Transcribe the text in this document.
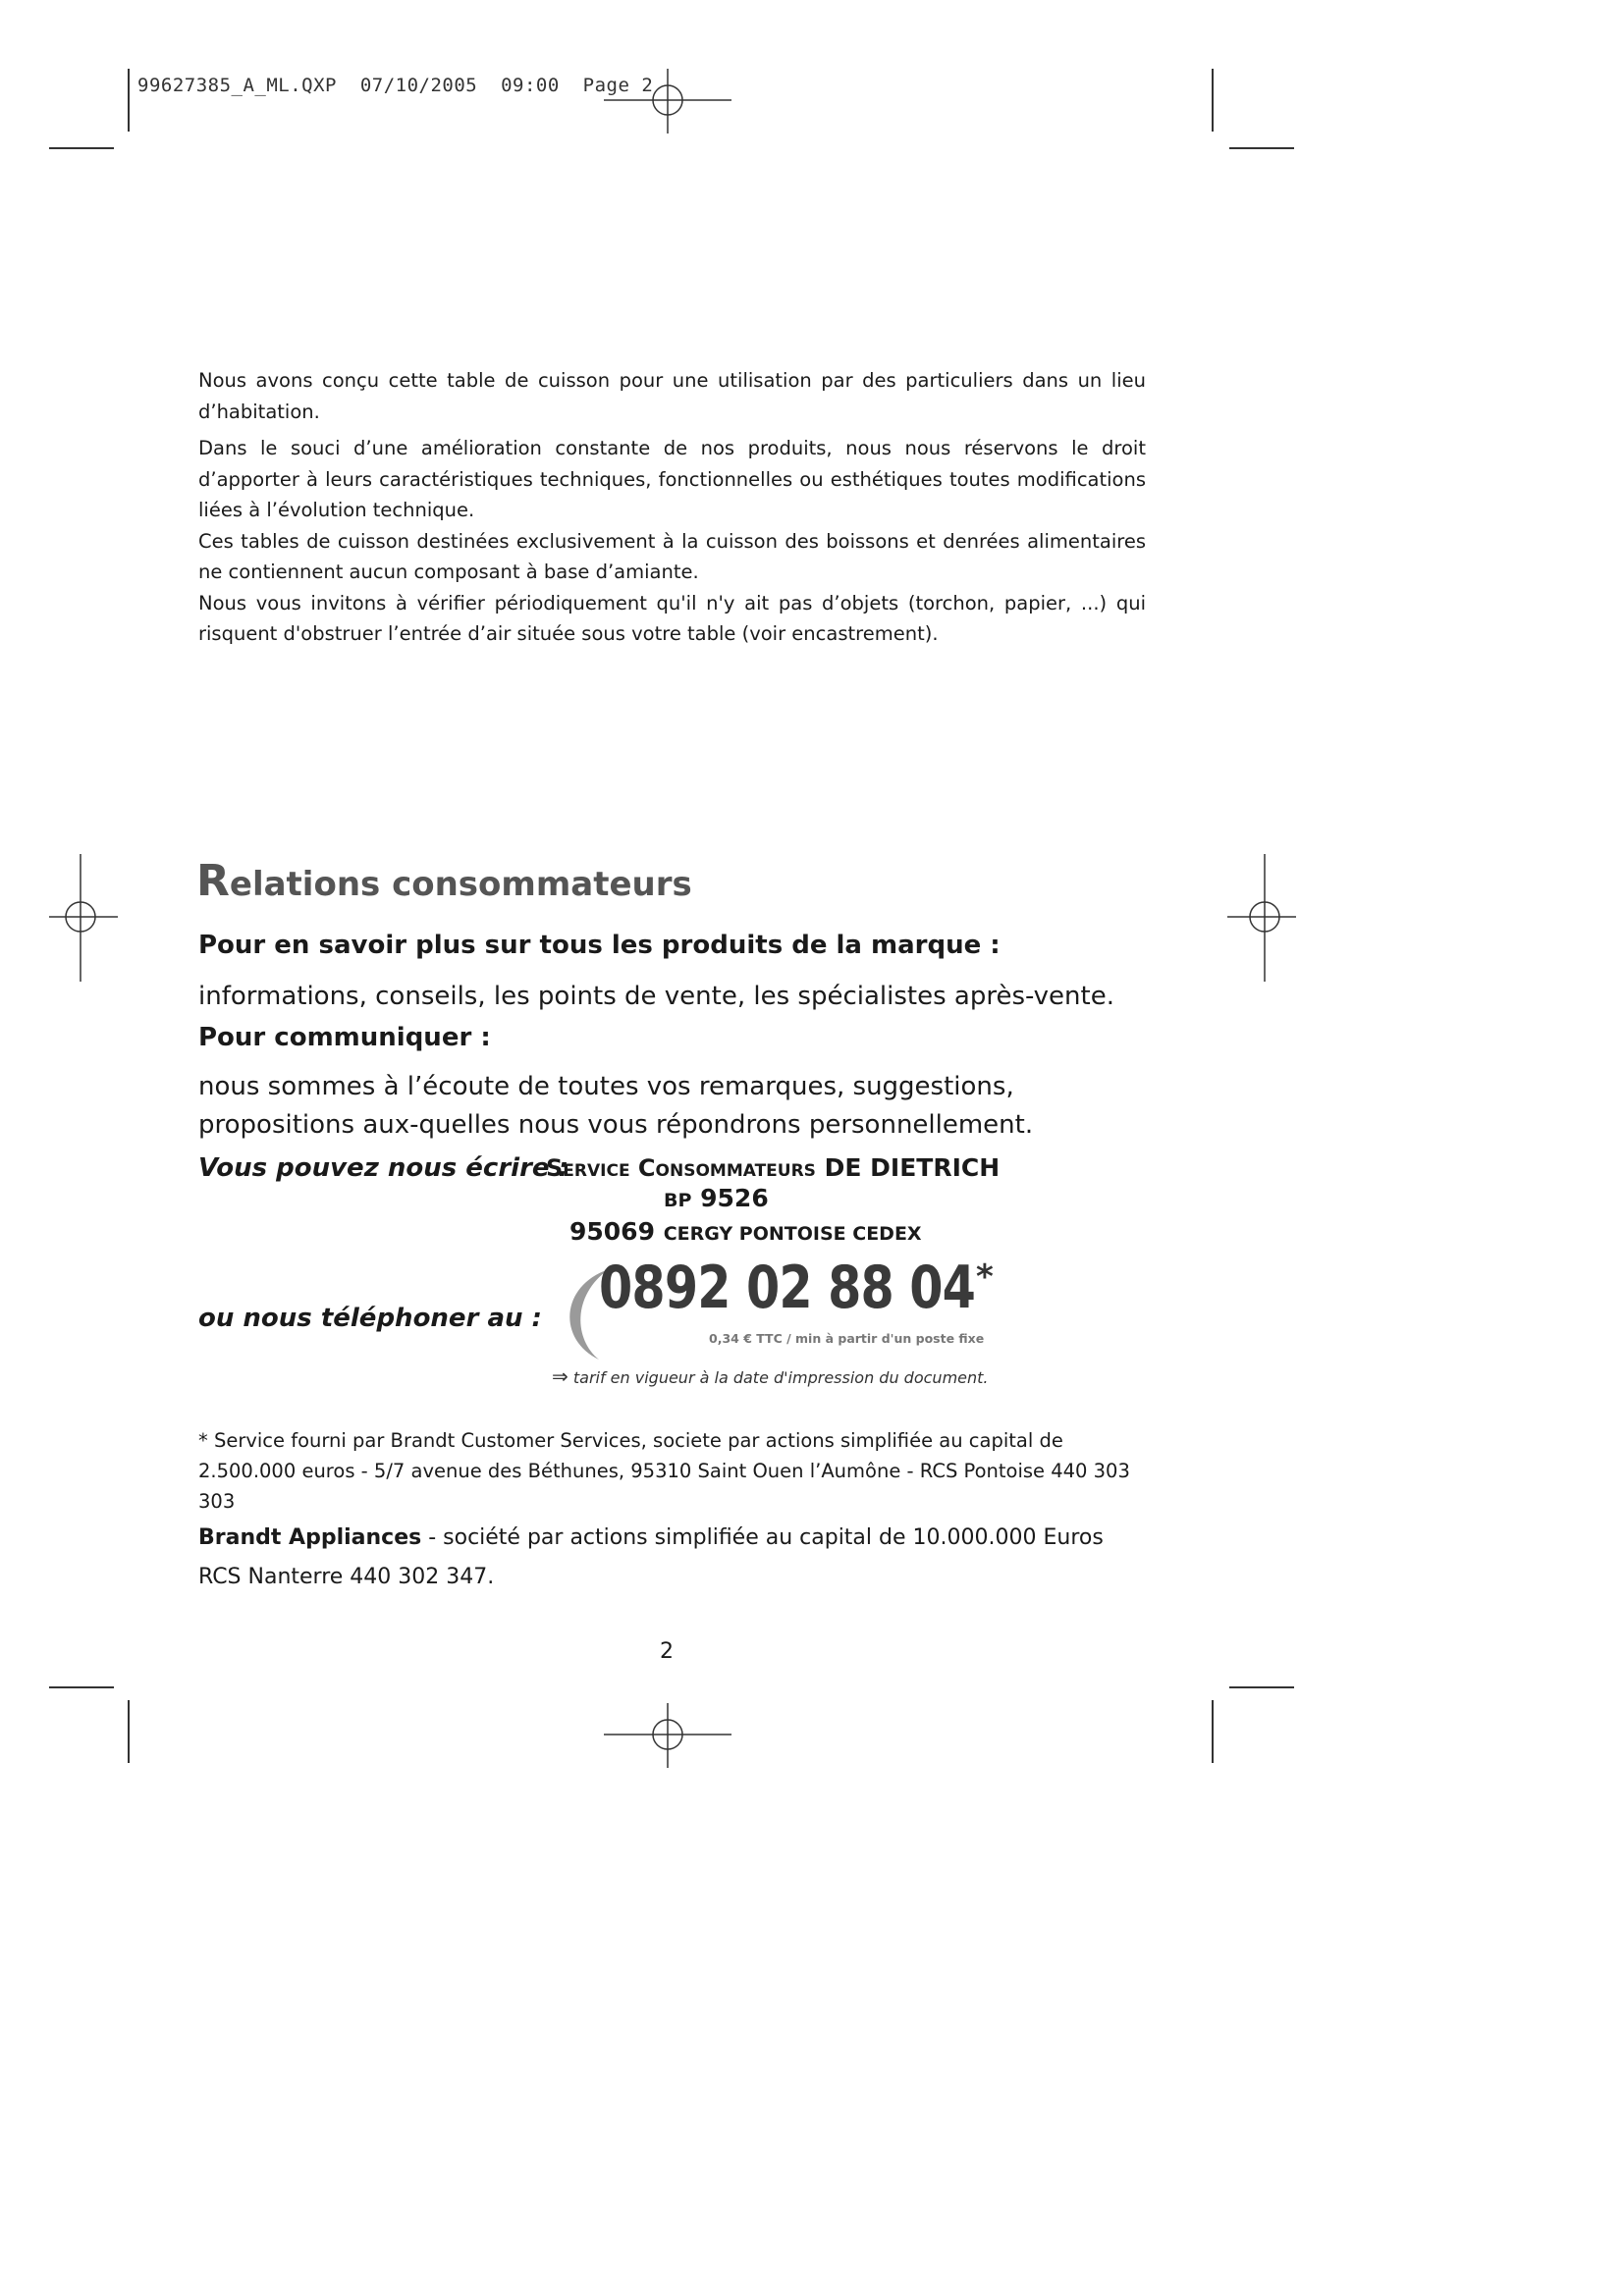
99627385_A_ML.QXP  07/10/2005  09:00  Page 2

Nous avons conçu cette table de cuisson pour une utilisation par des particuliers dans un lieu d’habitation.

Dans le souci d’une amélioration constante de nos produits, nous nous réservons le droit d’apporter à leurs caractéristiques techniques, fonctionnelles ou esthétiques toutes modifications liées à l’évolution technique.

Ces tables de cuisson destinées exclusivement à la cuisson des boissons et denrées alimentaires ne contiennent aucun composant à base d’amiante.

Nous vous invitons à vérifier périodiquement qu'il n'y ait pas d’objets (torchon, papier, ...) qui risquent d'obstruer l’entrée d’air située sous votre table (voir encastrement).

Relations consommateurs
Pour en savoir plus sur tous les produits de la marque :
informations, conseils, les points de vente, les spécialistes après-vente.
Pour communiquer :
nous sommes à l’écoute de toutes vos remarques, suggestions, propositions aux-quelles nous vous répondrons personnellement.
Vous pouvez nous écrire :
Service Consommateurs DE DIETRICH
BP 9526
95069 CERGY PONTOISE CEDEX
ou nous téléphoner au : 0892 02 88 04 *
0,34 € TTC / min à partir d'un poste fixe
⇒ tarif en vigueur à la date d'impression du document.
* Service fourni par Brandt Customer Services, societe par actions simplifiée au capital de 2.500.000 euros - 5/7 avenue des Béthunes, 95310 Saint Ouen l’Aumône - RCS Pontoise 440 303 303
Brandt Appliances - société par actions simplifiée au capital de 10.000.000 Euros
RCS Nanterre 440 302 347.
2
